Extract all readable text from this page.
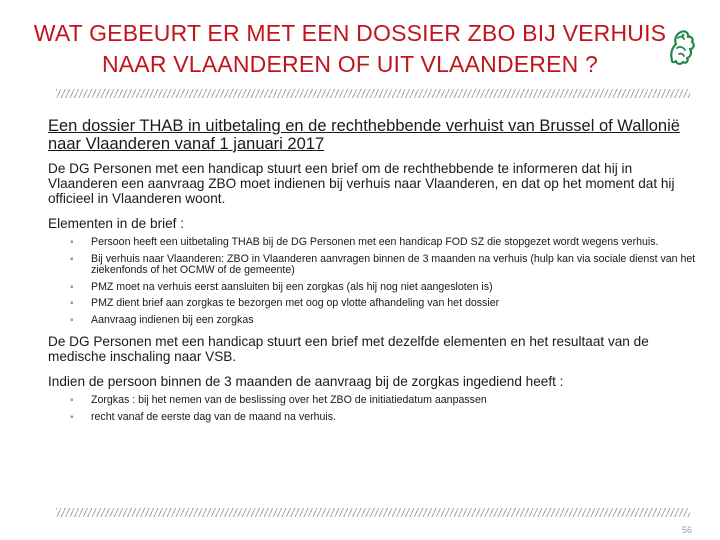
WAT GEBEURT ER MET EEN DOSSIER ZBO BIJ VERHUIS
NAAR VLAANDEREN OF UIT VLAANDEREN ?

Een dossier THAB in uitbetaling en de rechthebbende verhuist van Brussel of Wallonië naar Vlaanderen vanaf 1 januari 2017

De DG Personen met een handicap stuurt een brief om de rechthebbende te informeren dat hij in Vlaanderen een aanvraag ZBO moet indienen bij verhuis naar Vlaanderen, en dat op het moment dat hij officieel in Vlaanderen woont.

Elementen in de brief :

▪ Persoon heeft een uitbetaling THAB bij de DG Personen met een handicap FOD SZ die stopgezet wordt wegens verhuis.
▪ Bij verhuis naar Vlaanderen: ZBO in Vlaanderen aanvragen binnen de 3 maanden na verhuis (hulp kan via sociale dienst van het ziekenfonds of het OCMW of de gemeente)
▪ PMZ moet na verhuis eerst aansluiten bij een zorgkas (als hij nog niet aangesloten is)
▪ PMZ dient brief aan zorgkas te bezorgen met oog op vlotte afhandeling van het dossier
▪ Aanvraag indienen bij een zorgkas

De DG Personen met een handicap stuurt een brief met dezelfde elementen en het resultaat van de medische inschaling naar VSB.

Indien de persoon binnen de 3 maanden de aanvraag bij de zorgkas ingediend heeft :

▪ Zorgkas : bij het nemen van de beslissing over het ZBO de initiatiedatum aanpassen
▪ recht vanaf de eerste dag van de maand na verhuis.
56
